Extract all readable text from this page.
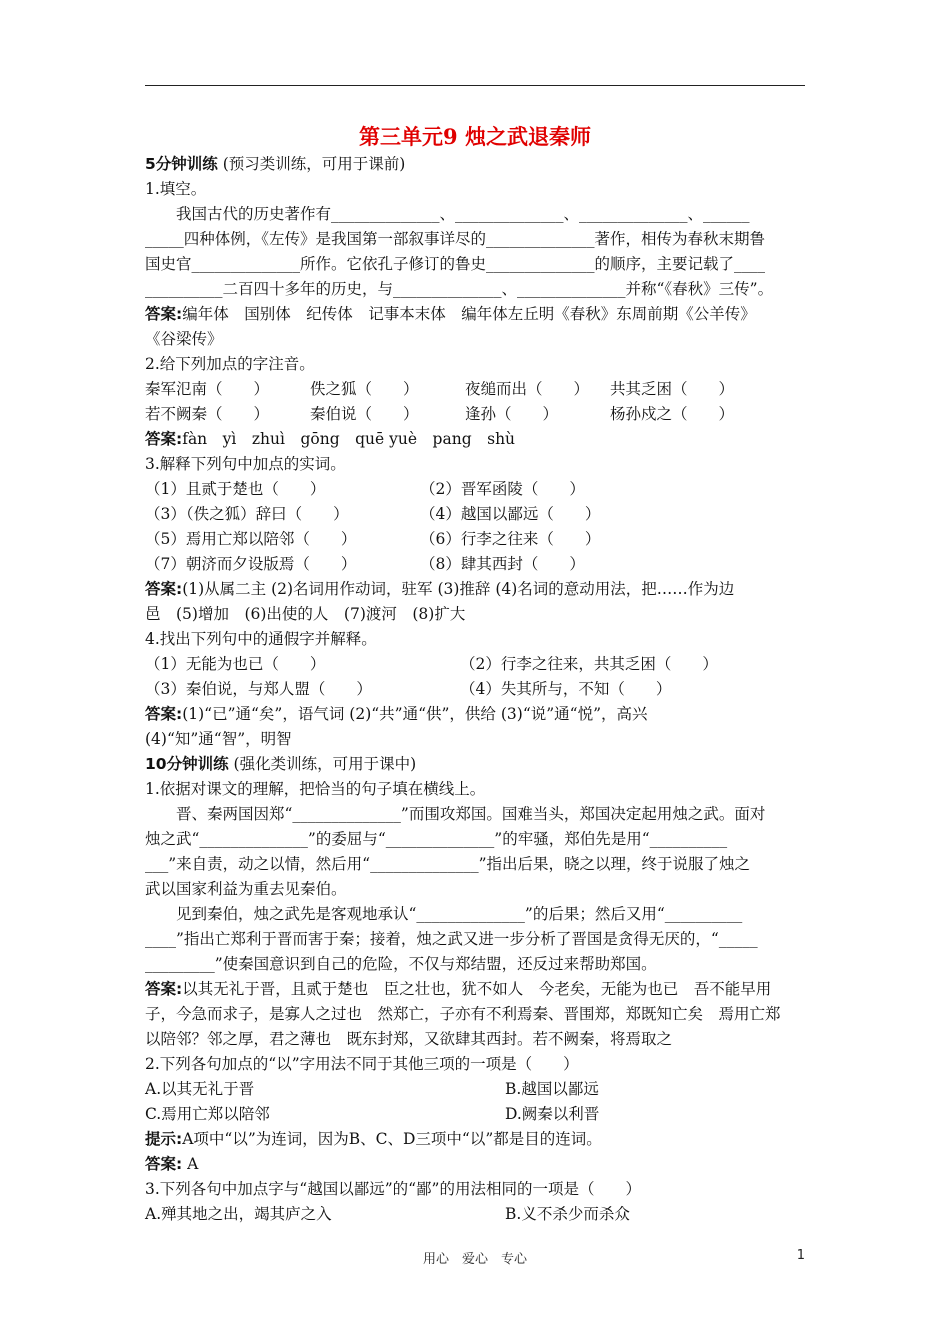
第三单元9 烛之武退秦师

5分钟训练 (预习类训练，可用于课前)

1.填空。

我国古代的历史著作有______________、______________、______________、______

_____四种体例，《左传》是我国第一部叙事详尽的______________著作，相传为春秋末期鲁

国史官______________所作。它依孔子修订的鲁史______________的顺序，主要记载了____

__________二百四十多年的历史，与______________、______________并称“《春秋》三传”。

答案:编年体　国别体　纪传体　记事本末体　编年体左丘明《春秋》东周前期《公羊传》

《谷梁传》

2.给下列加点的字注音。

秦军氾南（　　）	佚之狐（　　）	夜缒而出（　　）	共其乏困（　　）
若不阙秦（　　）	秦伯说（　　）	逢孙（　　）	杨孙戍之（　　）

答案:fàn　yì　zhuì　gōng　quē yuè　pang　shù

3.解释下列句中加点的实词。

（1）且贰于楚也（　　）	（2）晋军函陵（　　）
（3）（佚之狐）辞曰（　　）	（4）越国以鄙远（　　）
（5）焉用亡郑以陪邻（　　）	（6）行李之往来（　　）
（7）朝济而夕设版焉（　　）	（8）肆其西封（　　）

答案:(1)从属二主 (2)名词用作动词，驻军 (3)推辞 (4)名词的意动用法，把……作为边

邑　(5)增加　(6)出使的人　(7)渡河　(8)扩大

4.找出下列句中的通假字并解释。

（1）无能为也已（　　）	（2）行李之往来，共其乏困（　　）
（3）秦伯说，与郑人盟（　　）	（4）失其所与，不知（　　）

答案:(1)“已”通“矣”，语气词 (2)“共”通“供”，供给 (3)“说”通“悦”，高兴

(4)“知”通“智”，明智

10分钟训练 (强化类训练，可用于课中)

1.依据对课文的理解，把恰当的句子填在横线上。

晋、秦两国因郑“______________”而围攻郑国。国难当头，郑国决定起用烛之武。面对

烛之武“______________”的委屈与“______________”的牢骚，郑伯先是用“__________

___”来自责，动之以情，然后用“______________”指出后果，晓之以理，终于说服了烛之

武以国家利益为重去见秦伯。

见到秦伯，烛之武先是客观地承认“______________”的后果；然后又用“__________

____”指出亡郑利于晋而害于秦；接着，烛之武又进一步分析了晋国是贪得无厌的，“_____

_________”使秦国意识到自己的危险，不仅与郑结盟，还反过来帮助郑国。

答案:以其无礼于晋，且贰于楚也　臣之壮也，犹不如人　今老矣，无能为也已　吾不能早用

子，今急而求子，是寡人之过也　然郑亡，子亦有不利焉秦、晋围郑，郑既知亡矣　焉用亡郑

以陪邻？邻之厚，君之薄也　既东封郑，又欲肆其西封。若不阙秦，将焉取之

2.下列各句加点的“以”字用法不同于其他三项的一项是（　　）

A.以其无礼于晋	B.越国以鄙远
C.焉用亡郑以陪邻	D.阙秦以利晋

提示:A项中“以”为连词，因为B、C、D三项中“以”都是目的连词。

答案: A

3.下列各句中加点字与“越国以鄙远”的“鄙”的用法相同的一项是（　　）

A.殚其地之出，竭其庐之入	B.义不杀少而杀众
用心　爱心　专心	1
